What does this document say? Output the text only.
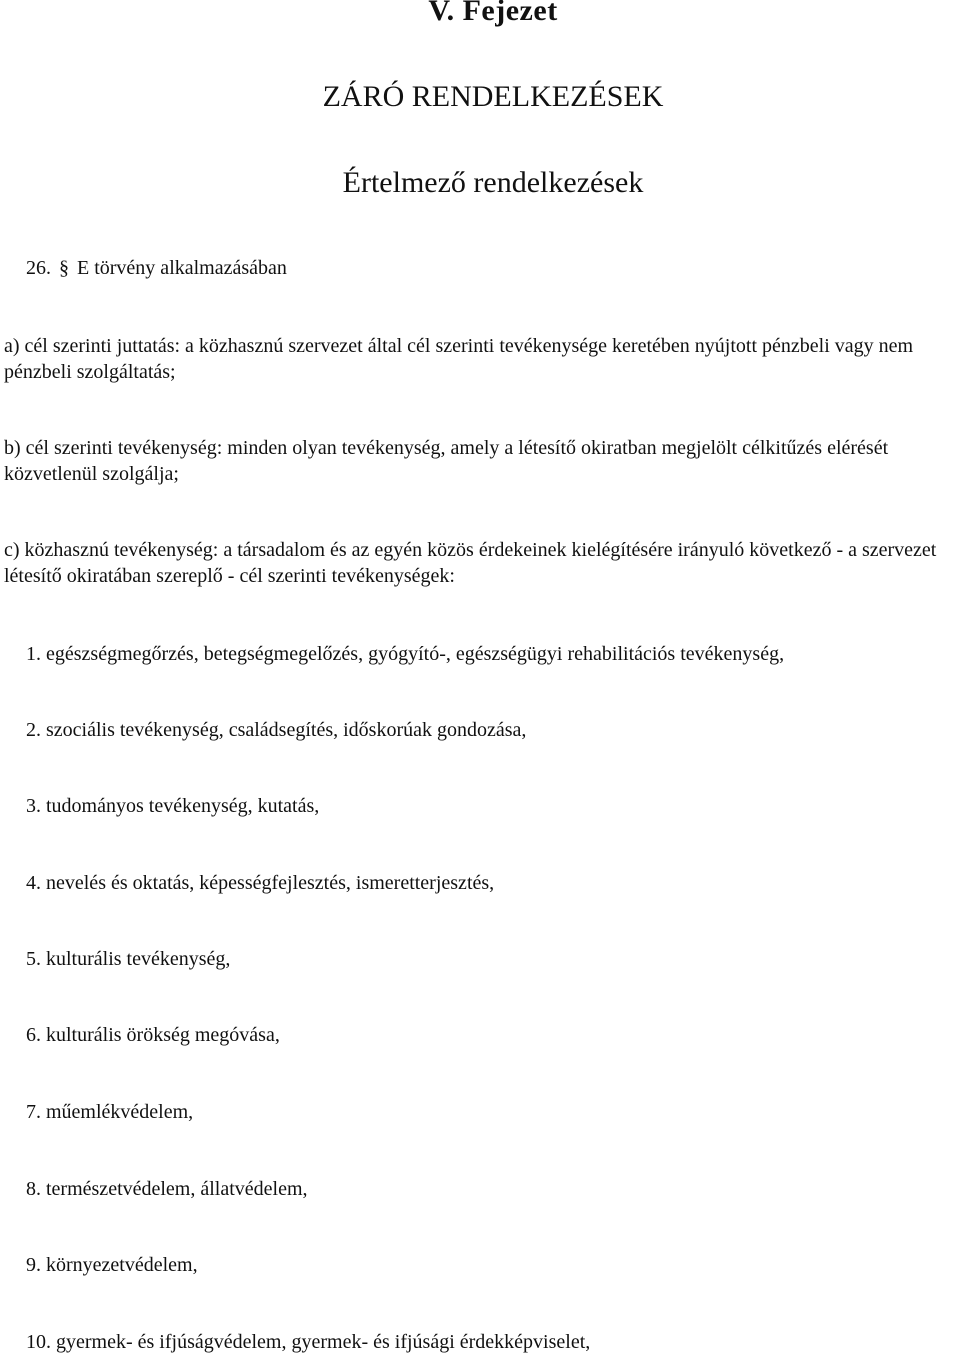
V. Fejezet
ZÁRÓ RENDELKEZÉSEK
Értelmező rendelkezések
26. § E törvény alkalmazásában
a) cél szerinti juttatás: a közhasznú szervezet által cél szerinti tevékenysége keretében nyújtott pénzbeli vagy nem pénzbeli szolgáltatás;
b) cél szerinti tevékenység: minden olyan tevékenység, amely a létesítő okiratban megjelölt célkitűzés elérését közvetlenül szolgálja;
c) közhasznú tevékenység: a társadalom és az egyén közös érdekeinek kielégítésére irányuló következő - a szervezet létesítő okiratában szereplő - cél szerinti tevékenységek:
1. egészségmegőrzés, betegségmegelőzés, gyógyító-, egészségügyi rehabilitációs tevékenység,
2. szociális tevékenység, családsegítés, időskorúak gondozása,
3. tudományos tevékenység, kutatás,
4. nevelés és oktatás, képességfejlesztés, ismeretterjesztés,
5. kulturális tevékenység,
6. kulturális örökség megóvása,
7. műemlékvédelem,
8. természetvédelem, állatvédelem,
9. környezetvédelem,
10. gyermek- és ifjúságvédelem, gyermek- és ifjúsági érdekképviselet,
